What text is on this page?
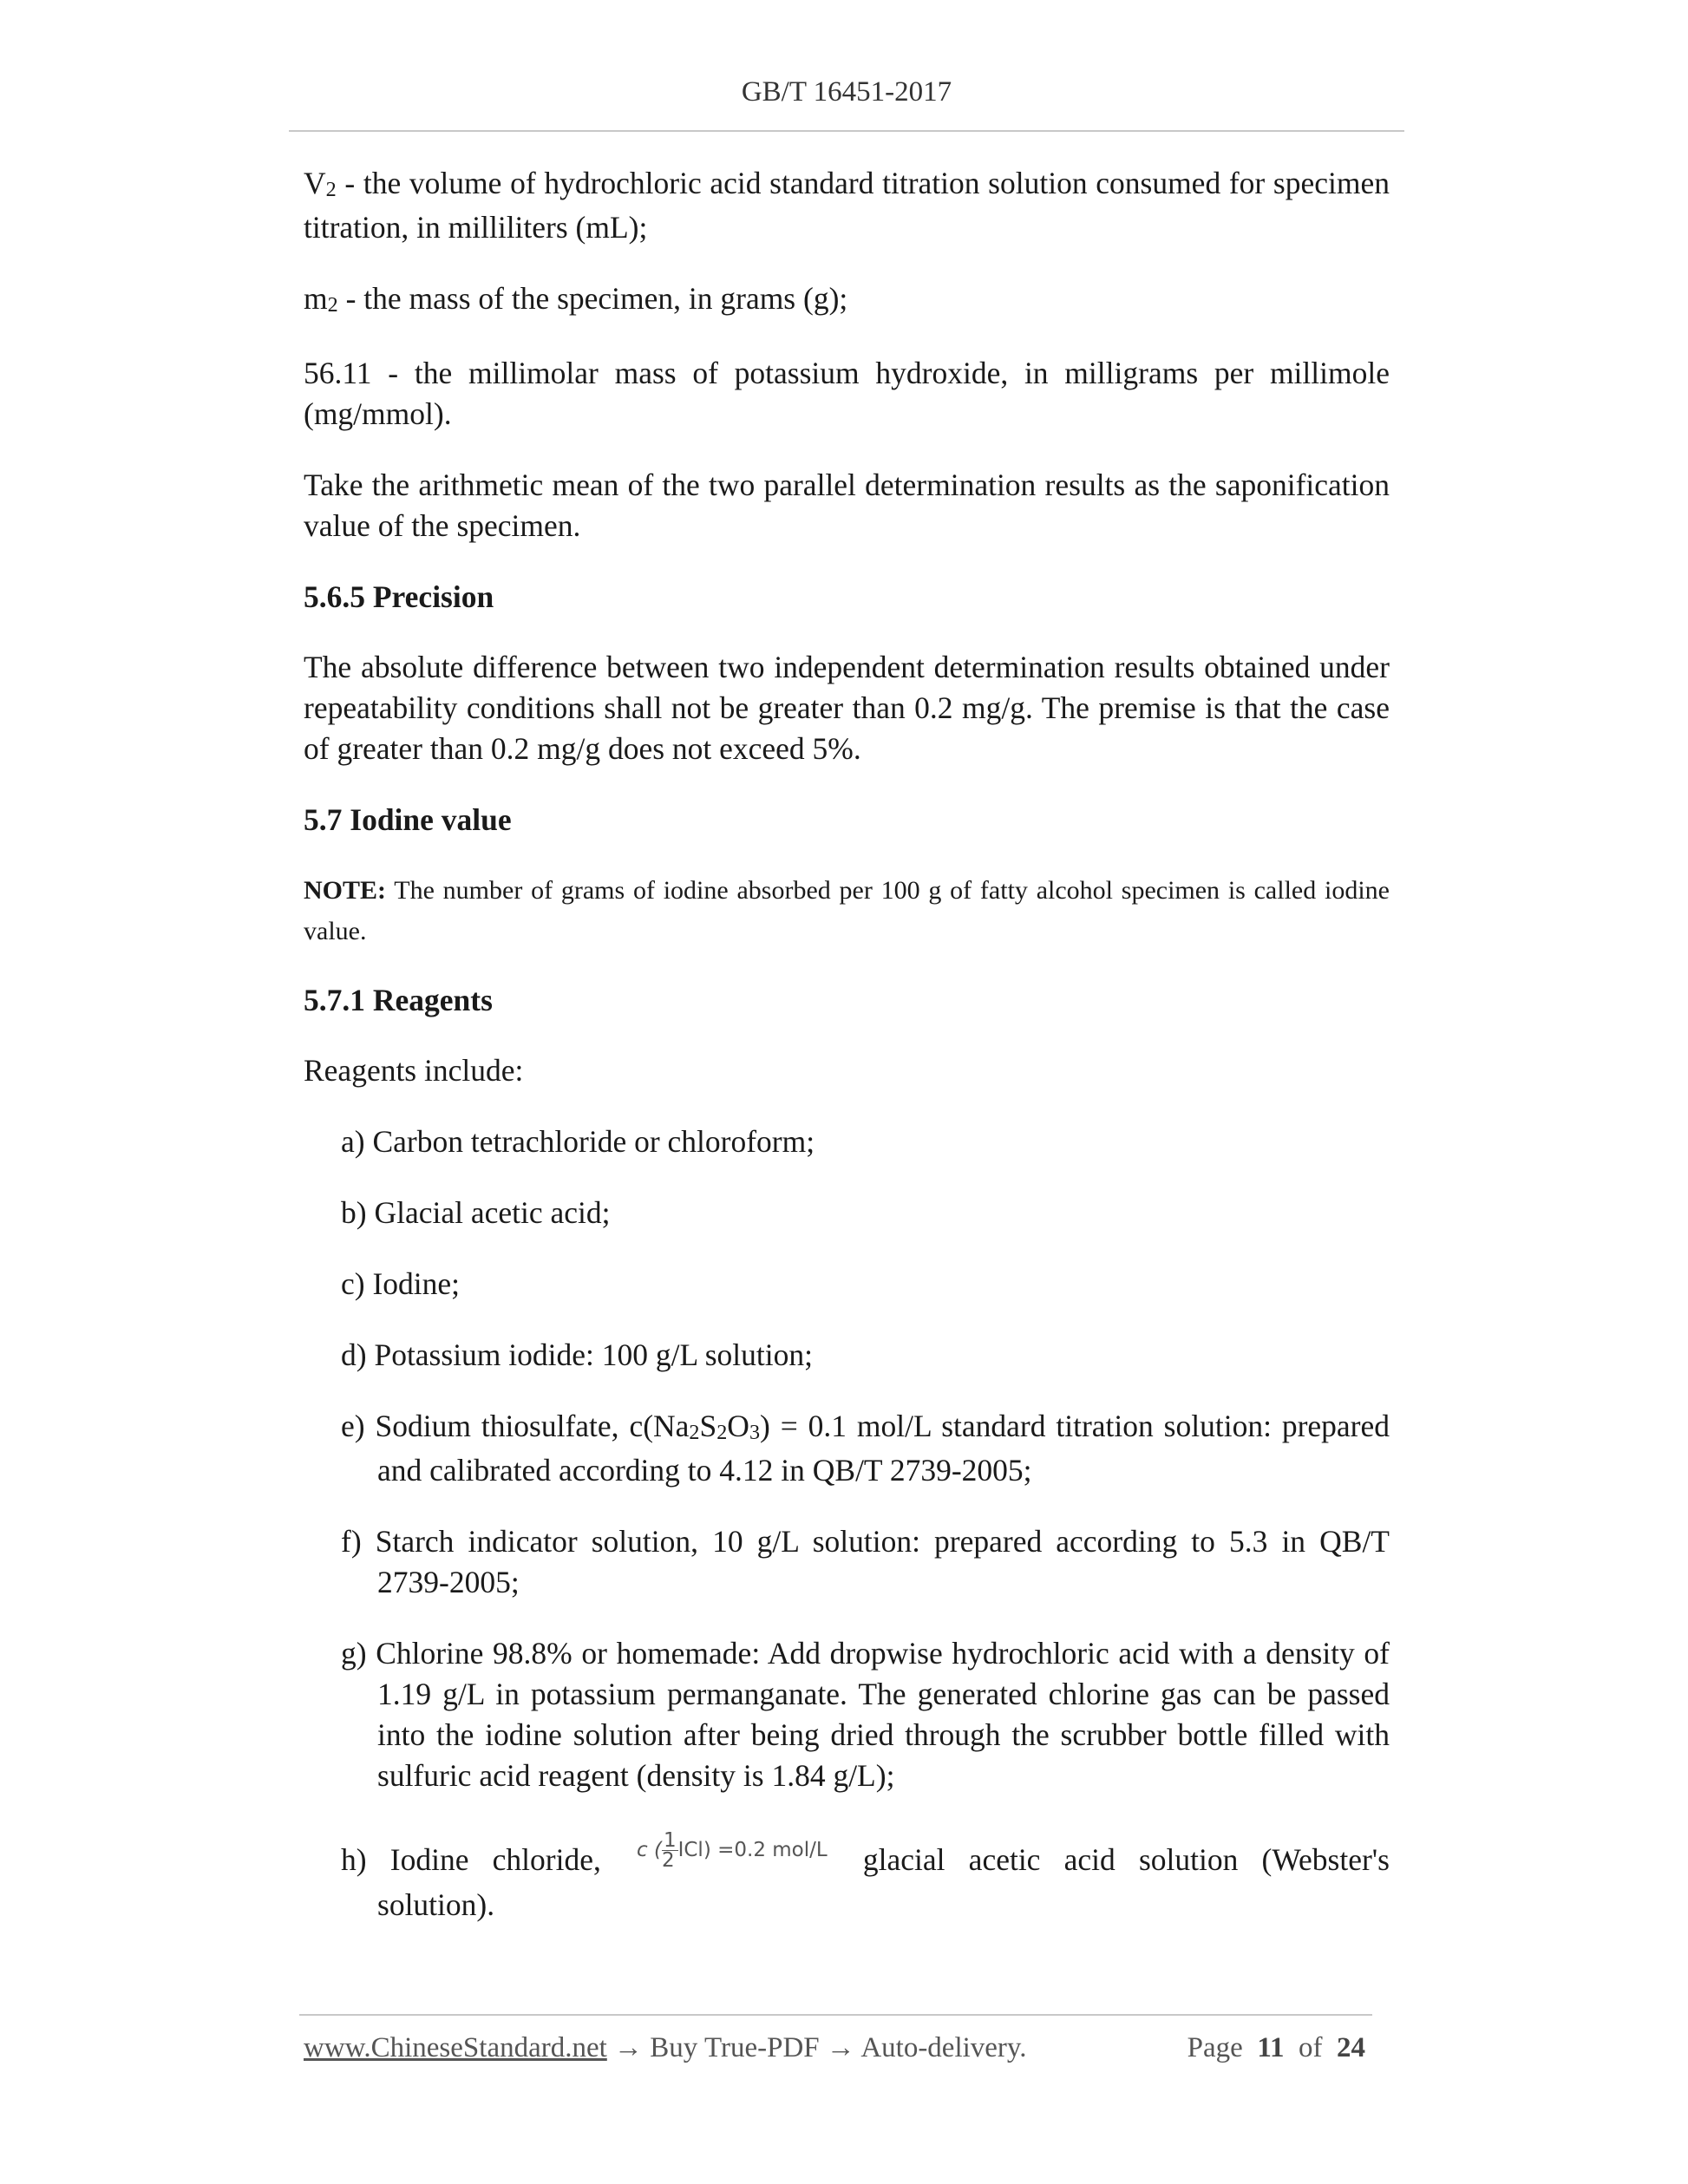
GB/T 16451-2017

$V_2$ - the volume of hydrochloric acid standard titration solution consumed for specimen titration, in milliliters (mL);

$m_2$ - the mass of the specimen, in grams (g);

56.11 - the millimolar mass of potassium hydroxide, in milligrams per millimole (mg/mmol).

Take the arithmetic mean of the two parallel determination results as the saponification value of the specimen.

5.6.5 Precision

The absolute difference between two independent determination results obtained under repeatability conditions shall not be greater than 0.2 mg/g. The premise is that the case of greater than 0.2 mg/g does not exceed 5%.

5.7 Iodine value

NOTE: The number of grams of iodine absorbed per 100 g of fatty alcohol specimen is called iodine value.

5.7.1 Reagents

Reagents include:

a) Carbon tetrachloride or chloroform;

b) Glacial acetic acid;

c) Iodine;

d) Potassium iodide: 100 g/L solution;

e) Sodium thiosulfate, $c(Na_2S_2O_3) = 0.1$ mol/L standard titration solution: prepared and calibrated according to 4.12 in QB/T 2739-2005;

f) Starch indicator solution, 10 g/L solution: prepared according to 5.3 in QB/T 2739-2005;

g) Chlorine 98.8% or homemade: Add dropwise hydrochloric acid with a density of 1.19 g/L in potassium permanganate. The generated chlorine gas can be passed into the iodine solution after being dried through the scrubber bottle filled with sulfuric acid reagent (density is 1.84 g/L);

h) Iodine chloride, c ( $\frac{1}{2} ICl) =0.2$ mol/L glacial acetic acid solution (Webster's

solution).

www.ChineseStandard.net → Buy True-PDF → Auto-delivery.	Page 11 of 24
